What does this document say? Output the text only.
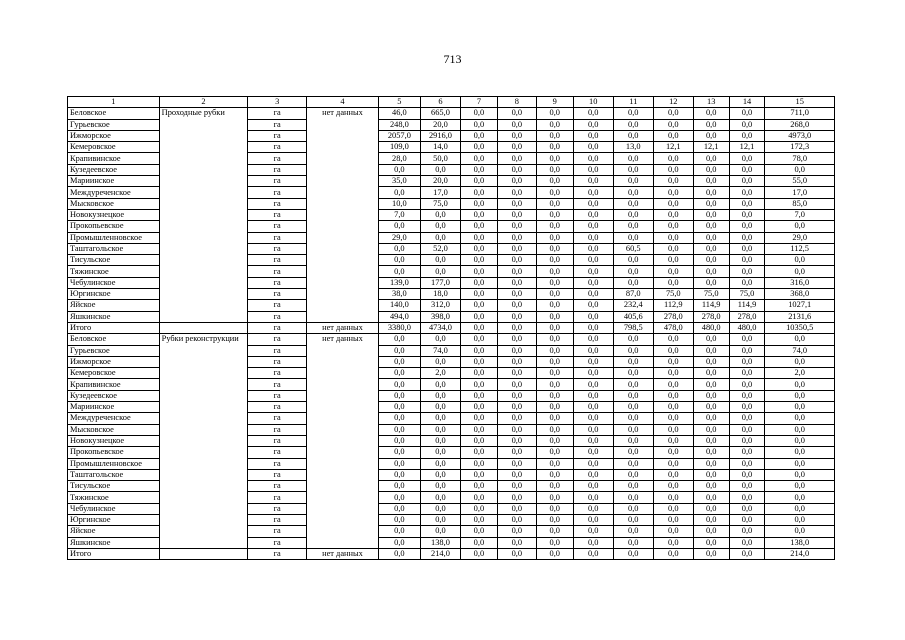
713
1	2	3	4	5	6	7	8	9	10	11	12	13	14	15
Беловское	Проходные рубки	га	нет данных	46,0	665,0	0,0	0,0	0,0	0,0	0,0	0,0	0,0	0,0	711,0
Гурьевское		га		248,0	20,0	0,0	0,0	0,0	0,0	0,0	0,0	0,0	0,0	268,0
Ижморское		га		2057,0	2916,0	0,0	0,0	0,0	0,0	0,0	0,0	0,0	0,0	4973,0
Кемеровское		га		109,0	14,0	0,0	0,0	0,0	0,0	13,0	12,1	12,1	12,1	172,3
Крапивинское		га		28,0	50,0	0,0	0,0	0,0	0,0	0,0	0,0	0,0	0,0	78,0
Кузедеевское		га		0,0	0,0	0,0	0,0	0,0	0,0	0,0	0,0	0,0	0,0	0,0
Мариинское		га		35,0	20,0	0,0	0,0	0,0	0,0	0,0	0,0	0,0	0,0	55,0
Междуреченское		га		0,0	17,0	0,0	0,0	0,0	0,0	0,0	0,0	0,0	0,0	17,0
Мысковское		га		10,0	75,0	0,0	0,0	0,0	0,0	0,0	0,0	0,0	0,0	85,0
Новокузнецкое		га		7,0	0,0	0,0	0,0	0,0	0,0	0,0	0,0	0,0	0,0	7,0
Прокопьевское		га		0,0	0,0	0,0	0,0	0,0	0,0	0,0	0,0	0,0	0,0	0,0
Промышленновское		га		29,0	0,0	0,0	0,0	0,0	0,0	0,0	0,0	0,0	0,0	29,0
Таштагольское		га		0,0	52,0	0,0	0,0	0,0	0,0	60,5	0,0	0,0	0,0	112,5
Тисульское		га		0,0	0,0	0,0	0,0	0,0	0,0	0,0	0,0	0,0	0,0	0,0
Тяжинское		га		0,0	0,0	0,0	0,0	0,0	0,0	0,0	0,0	0,0	0,0	0,0
Чебулинское		га		139,0	177,0	0,0	0,0	0,0	0,0	0,0	0,0	0,0	0,0	316,0
Юргинское		га		38,0	18,0	0,0	0,0	0,0	0,0	87,0	75,0	75,0	75,0	368,0
Яйское		га		140,0	312,0	0,0	0,0	0,0	0,0	232,4	112,9	114,9	114,9	1027,1
Яшкинское		га		494,0	398,0	0,0	0,0	0,0	0,0	405,6	278,0	278,0	278,0	2131,6
Итого		га	нет данных	3380,0	4734,0	0,0	0,0	0,0	0,0	798,5	478,0	480,0	480,0	10350,5
Беловское	Рубки реконструкции	га	нет данных	0,0	0,0	0,0	0,0	0,0	0,0	0,0	0,0	0,0	0,0	0,0
Гурьевское		га		0,0	74,0	0,0	0,0	0,0	0,0	0,0	0,0	0,0	0,0	74,0
Ижморское		га		0,0	0,0	0,0	0,0	0,0	0,0	0,0	0,0	0,0	0,0	0,0
Кемеровское		га		0,0	2,0	0,0	0,0	0,0	0,0	0,0	0,0	0,0	0,0	2,0
Крапивинское		га		0,0	0,0	0,0	0,0	0,0	0,0	0,0	0,0	0,0	0,0	0,0
Кузедеевское		га		0,0	0,0	0,0	0,0	0,0	0,0	0,0	0,0	0,0	0,0	0,0
Мариинское		га		0,0	0,0	0,0	0,0	0,0	0,0	0,0	0,0	0,0	0,0	0,0
Междуреченское		га		0,0	0,0	0,0	0,0	0,0	0,0	0,0	0,0	0,0	0,0	0,0
Мысковское		га		0,0	0,0	0,0	0,0	0,0	0,0	0,0	0,0	0,0	0,0	0,0
Новокузнецкое		га		0,0	0,0	0,0	0,0	0,0	0,0	0,0	0,0	0,0	0,0	0,0
Прокопьевское		га		0,0	0,0	0,0	0,0	0,0	0,0	0,0	0,0	0,0	0,0	0,0
Промышленновское		га		0,0	0,0	0,0	0,0	0,0	0,0	0,0	0,0	0,0	0,0	0,0
Таштагольское		га		0,0	0,0	0,0	0,0	0,0	0,0	0,0	0,0	0,0	0,0	0,0
Тисульское		га		0,0	0,0	0,0	0,0	0,0	0,0	0,0	0,0	0,0	0,0	0,0
Тяжинское		га		0,0	0,0	0,0	0,0	0,0	0,0	0,0	0,0	0,0	0,0	0,0
Чебулинское		га		0,0	0,0	0,0	0,0	0,0	0,0	0,0	0,0	0,0	0,0	0,0
Юргинское		га		0,0	0,0	0,0	0,0	0,0	0,0	0,0	0,0	0,0	0,0	0,0
Яйское		га		0,0	0,0	0,0	0,0	0,0	0,0	0,0	0,0	0,0	0,0	0,0
Яшкинское		га		0,0	138,0	0,0	0,0	0,0	0,0	0,0	0,0	0,0	0,0	138,0
Итого		га	нет данных	0,0	214,0	0,0	0,0	0,0	0,0	0,0	0,0	0,0	0,0	214,0
